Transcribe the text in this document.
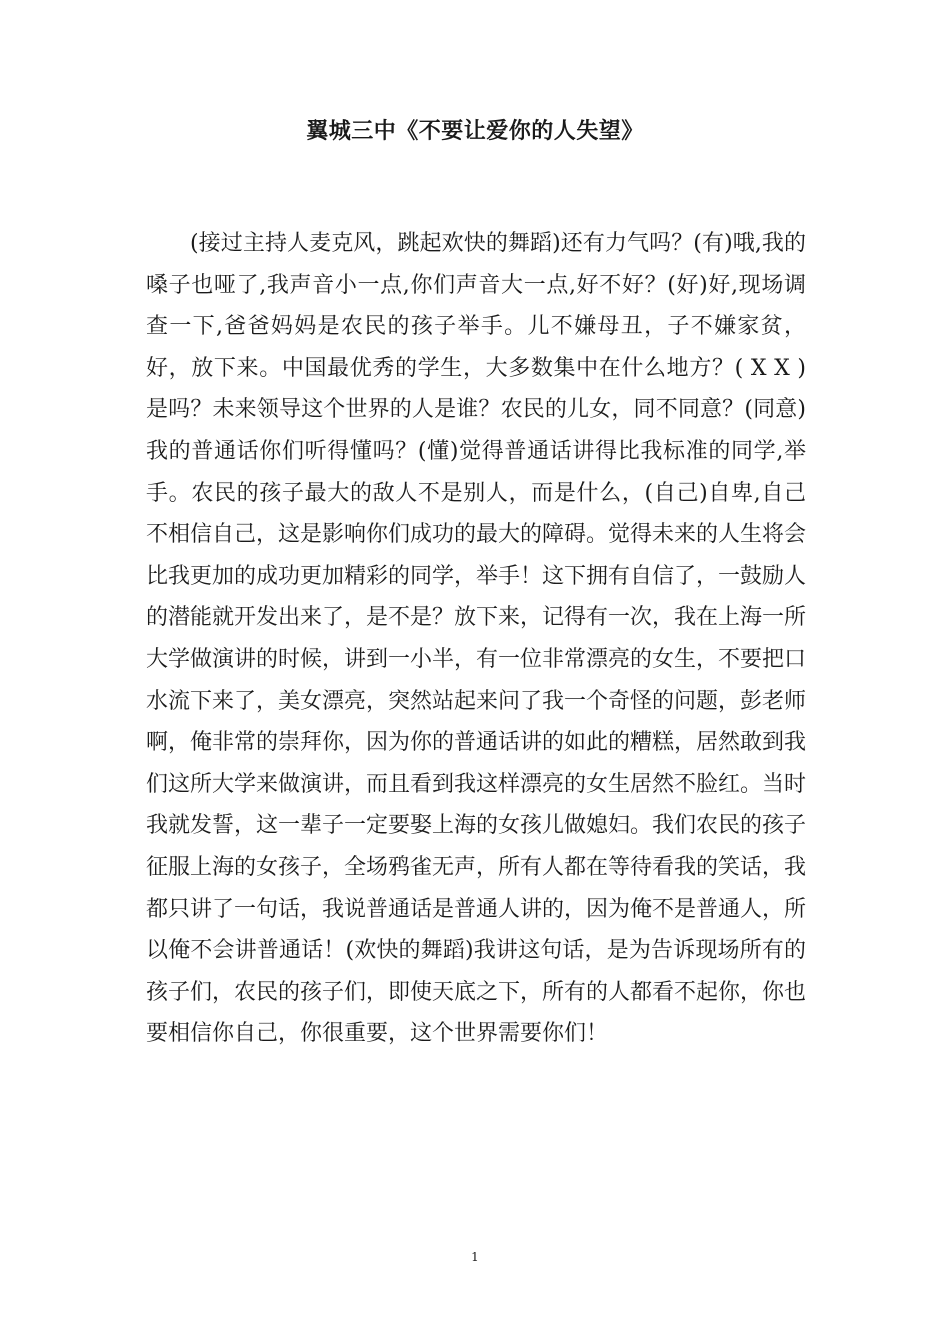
翼城三中《不要让爱你的人失望》

(接过主持人麦克风，跳起欢快的舞蹈)还有力气吗？(有)哦,我的嗓子也哑了,我声音小一点,你们声音大一点,好不好？(好)好,现场调查一下,爸爸妈妈是农民的孩子举手。儿不嫌母丑，子不嫌家贫，好，放下来。中国最优秀的学生，大多数集中在什么地方？( X X )是吗？未来领导这个世界的人是谁？农民的儿女，同不同意？(同意)我的普通话你们听得懂吗？(懂)觉得普通话讲得比我标准的同学,举手。农民的孩子最大的敌人不是别人，而是什么，(自己)自卑,自己不相信自己，这是影响你们成功的最大的障碍。觉得未来的人生将会比我更加的成功更加精彩的同学，举手！这下拥有自信了，一鼓励人的潜能就开发出来了，是不是？放下来，记得有一次，我在上海一所大学做演讲的时候，讲到一小半，有一位非常漂亮的女生，不要把口水流下来了，美女漂亮，突然站起来问了我一个奇怪的问题，彭老师啊，俺非常的崇拜你，因为你的普通话讲的如此的糟糕，居然敢到我们这所大学来做演讲，而且看到我这样漂亮的女生居然不脸红。当时我就发誓，这一辈子一定要娶上海的女孩儿做媳妇。我们农民的孩子征服上海的女孩子，全场鸦雀无声，所有人都在等待看我的笑话，我都只讲了一句话，我说普通话是普通人讲的，因为俺不是普通人，所以俺不会讲普通话！(欢快的舞蹈)我讲这句话，是为告诉现场所有的孩子们，农民的孩子们，即使天底之下，所有的人都看不起你，你也要相信你自己，你很重要，这个世界需要你们！

1
